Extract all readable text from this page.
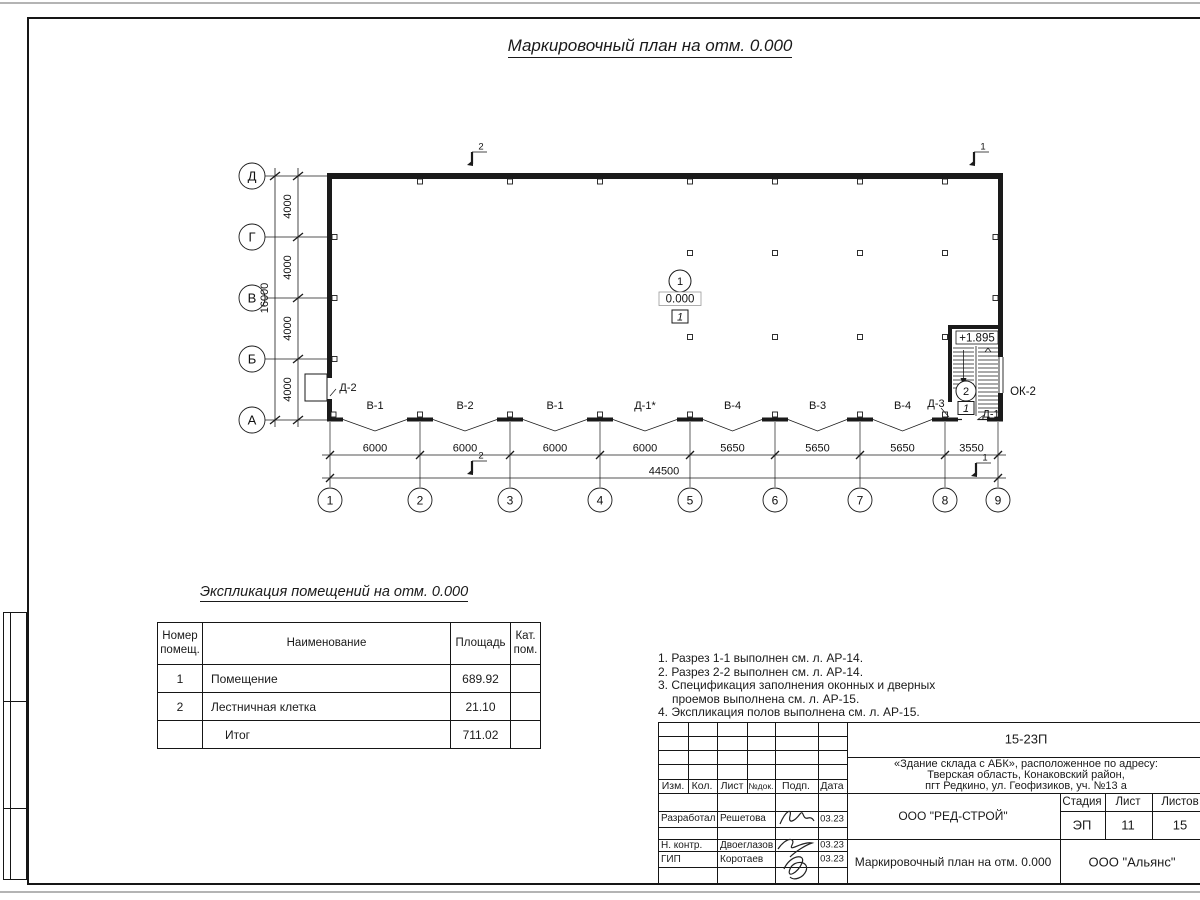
Маркировочный план на отм. 0.000
Д
Г
В
Б
А
1	2	3	4	5	6	7	8	9
4000
4000
4000
4000
16000
6000	6000	6000	6000	5650	5650	5650	3550
44500
В-1	В-2	В-1	Д-1*	В-4	В-3	В-4
Д-2
Д-3
Д-1
ОК-2
1
0.000
1
2
1
+1.895
2	1
2	1
Экспликация помещений на отм. 0.000
Номер помещ.	Наименование	Площадь	Кат. пом.
1	Помещение	689.92	
2	Лестничная клетка	21.10	
	Итог	711.02	
1. Разрез 1-1 выполнен см. л. АР-14.
2. Разрез 2-2 выполнен см. л. АР-14.
3. Спецификация заполнения оконных и дверных
проемов выполнена см. л. АР-15.
4. Экспликация полов выполнена см. л. АР-15.
15-23П
«Здание склада с АБК», расположенное по адресу:
Тверская область, Конаковский район,
пгт Редкино, ул. Геофизиков, уч. №13 а
Изм. Кол. Лист №док. Подп. Дата
Разработал Решетова	03.23
Н. контр. Двоеглазов	03.23
ГИП	Коротаев	03.23
ООО "РЕД-СТРОЙ"
Стадия Лист Листов
ЭП 11	15
Маркировочный план на отм. 0.000	ООО "Альянс"
